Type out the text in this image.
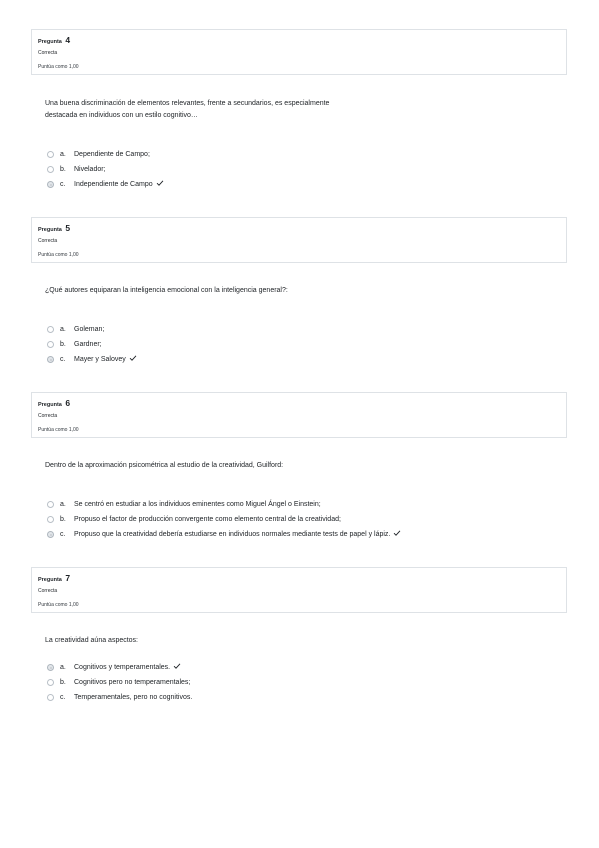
Pregunta 4
Correcta
Puntúa como 1,00
Una buena discriminación de elementos relevantes, frente a secundarios, es especialmente destacada en individuos con un estilo cognitivo…
a. Dependiente de Campo;
b. Nivelador;
c. Independiente de Campo
Pregunta 5
Correcta
Puntúa como 1,00
¿Qué autores equiparan la inteligencia emocional con la inteligencia general?:
a. Goleman;
b. Gardner;
c. Mayer y Salovey
Pregunta 6
Correcta
Puntúa como 1,00
Dentro de la aproximación psicométrica al estudio de la creatividad, Guilford:
a. Se centró en estudiar a los individuos eminentes como Miguel Ángel o Einstein;
b. Propuso el factor de producción convergente como elemento central de la creatividad;
c. Propuso que la creatividad debería estudiarse en individuos normales mediante tests de papel y lápiz.
Pregunta 7
Correcta
Puntúa como 1,00
La creatividad aúna aspectos:
a. Cognitivos y temperamentales.
b. Cognitivos pero no temperamentales;
c. Temperamentales, pero no cognitivos.
